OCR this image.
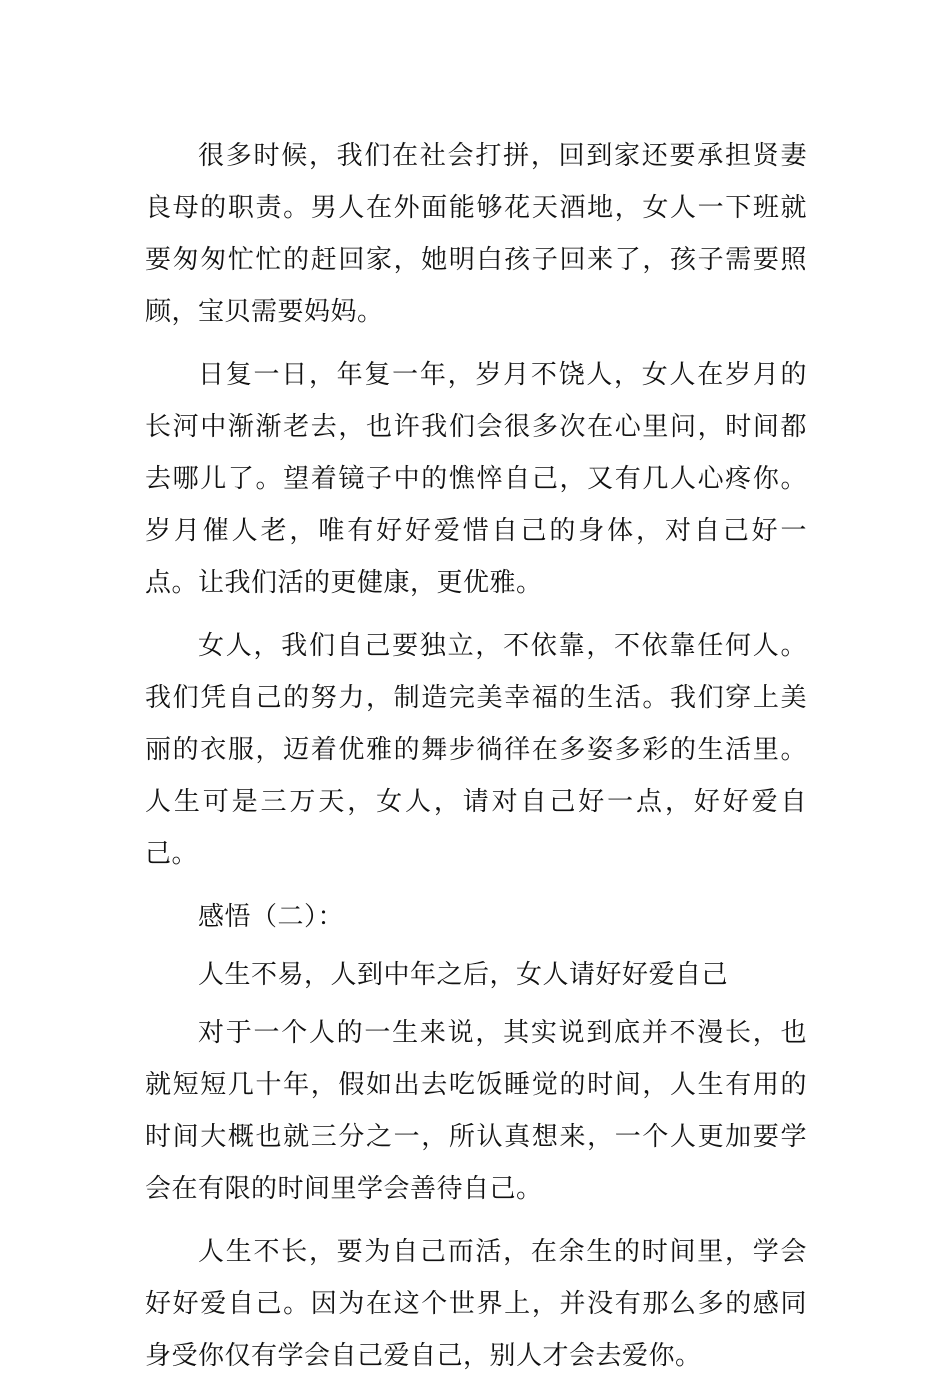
很多时候，我们在社会打拼，回到家还要承担贤妻良母的职责。男人在外面能够花天酒地，女人一下班就要匆匆忙忙的赶回家，她明白孩子回来了，孩子需要照顾，宝贝需要妈妈。

日复一日，年复一年，岁月不饶人，女人在岁月的长河中渐渐老去，也许我们会很多次在心里问，时间都去哪儿了。望着镜子中的憔悴自己，又有几人心疼你。岁月催人老，唯有好好爱惜自己的身体，对自己好一点。让我们活的更健康，更优雅。

女人，我们自己要独立，不依靠，不依靠任何人。我们凭自己的努力，制造完美幸福的生活。我们穿上美丽的衣服，迈着优雅的舞步徜徉在多姿多彩的生活里。人生可是三万天，女人，请对自己好一点，好好爱自己。

感悟（二）：

人生不易，人到中年之后，女人请好好爱自己

对于一个人的一生来说，其实说到底并不漫长，也就短短几十年，假如出去吃饭睡觉的时间，人生有用的时间大概也就三分之一，所认真想来，一个人更加要学会在有限的时间里学会善待自己。

人生不长，要为自己而活，在余生的时间里，学会好好爱自己。因为在这个世界上，并没有那么多的感同身受你仅有学会自己爱自己，别人才会去爱你。
